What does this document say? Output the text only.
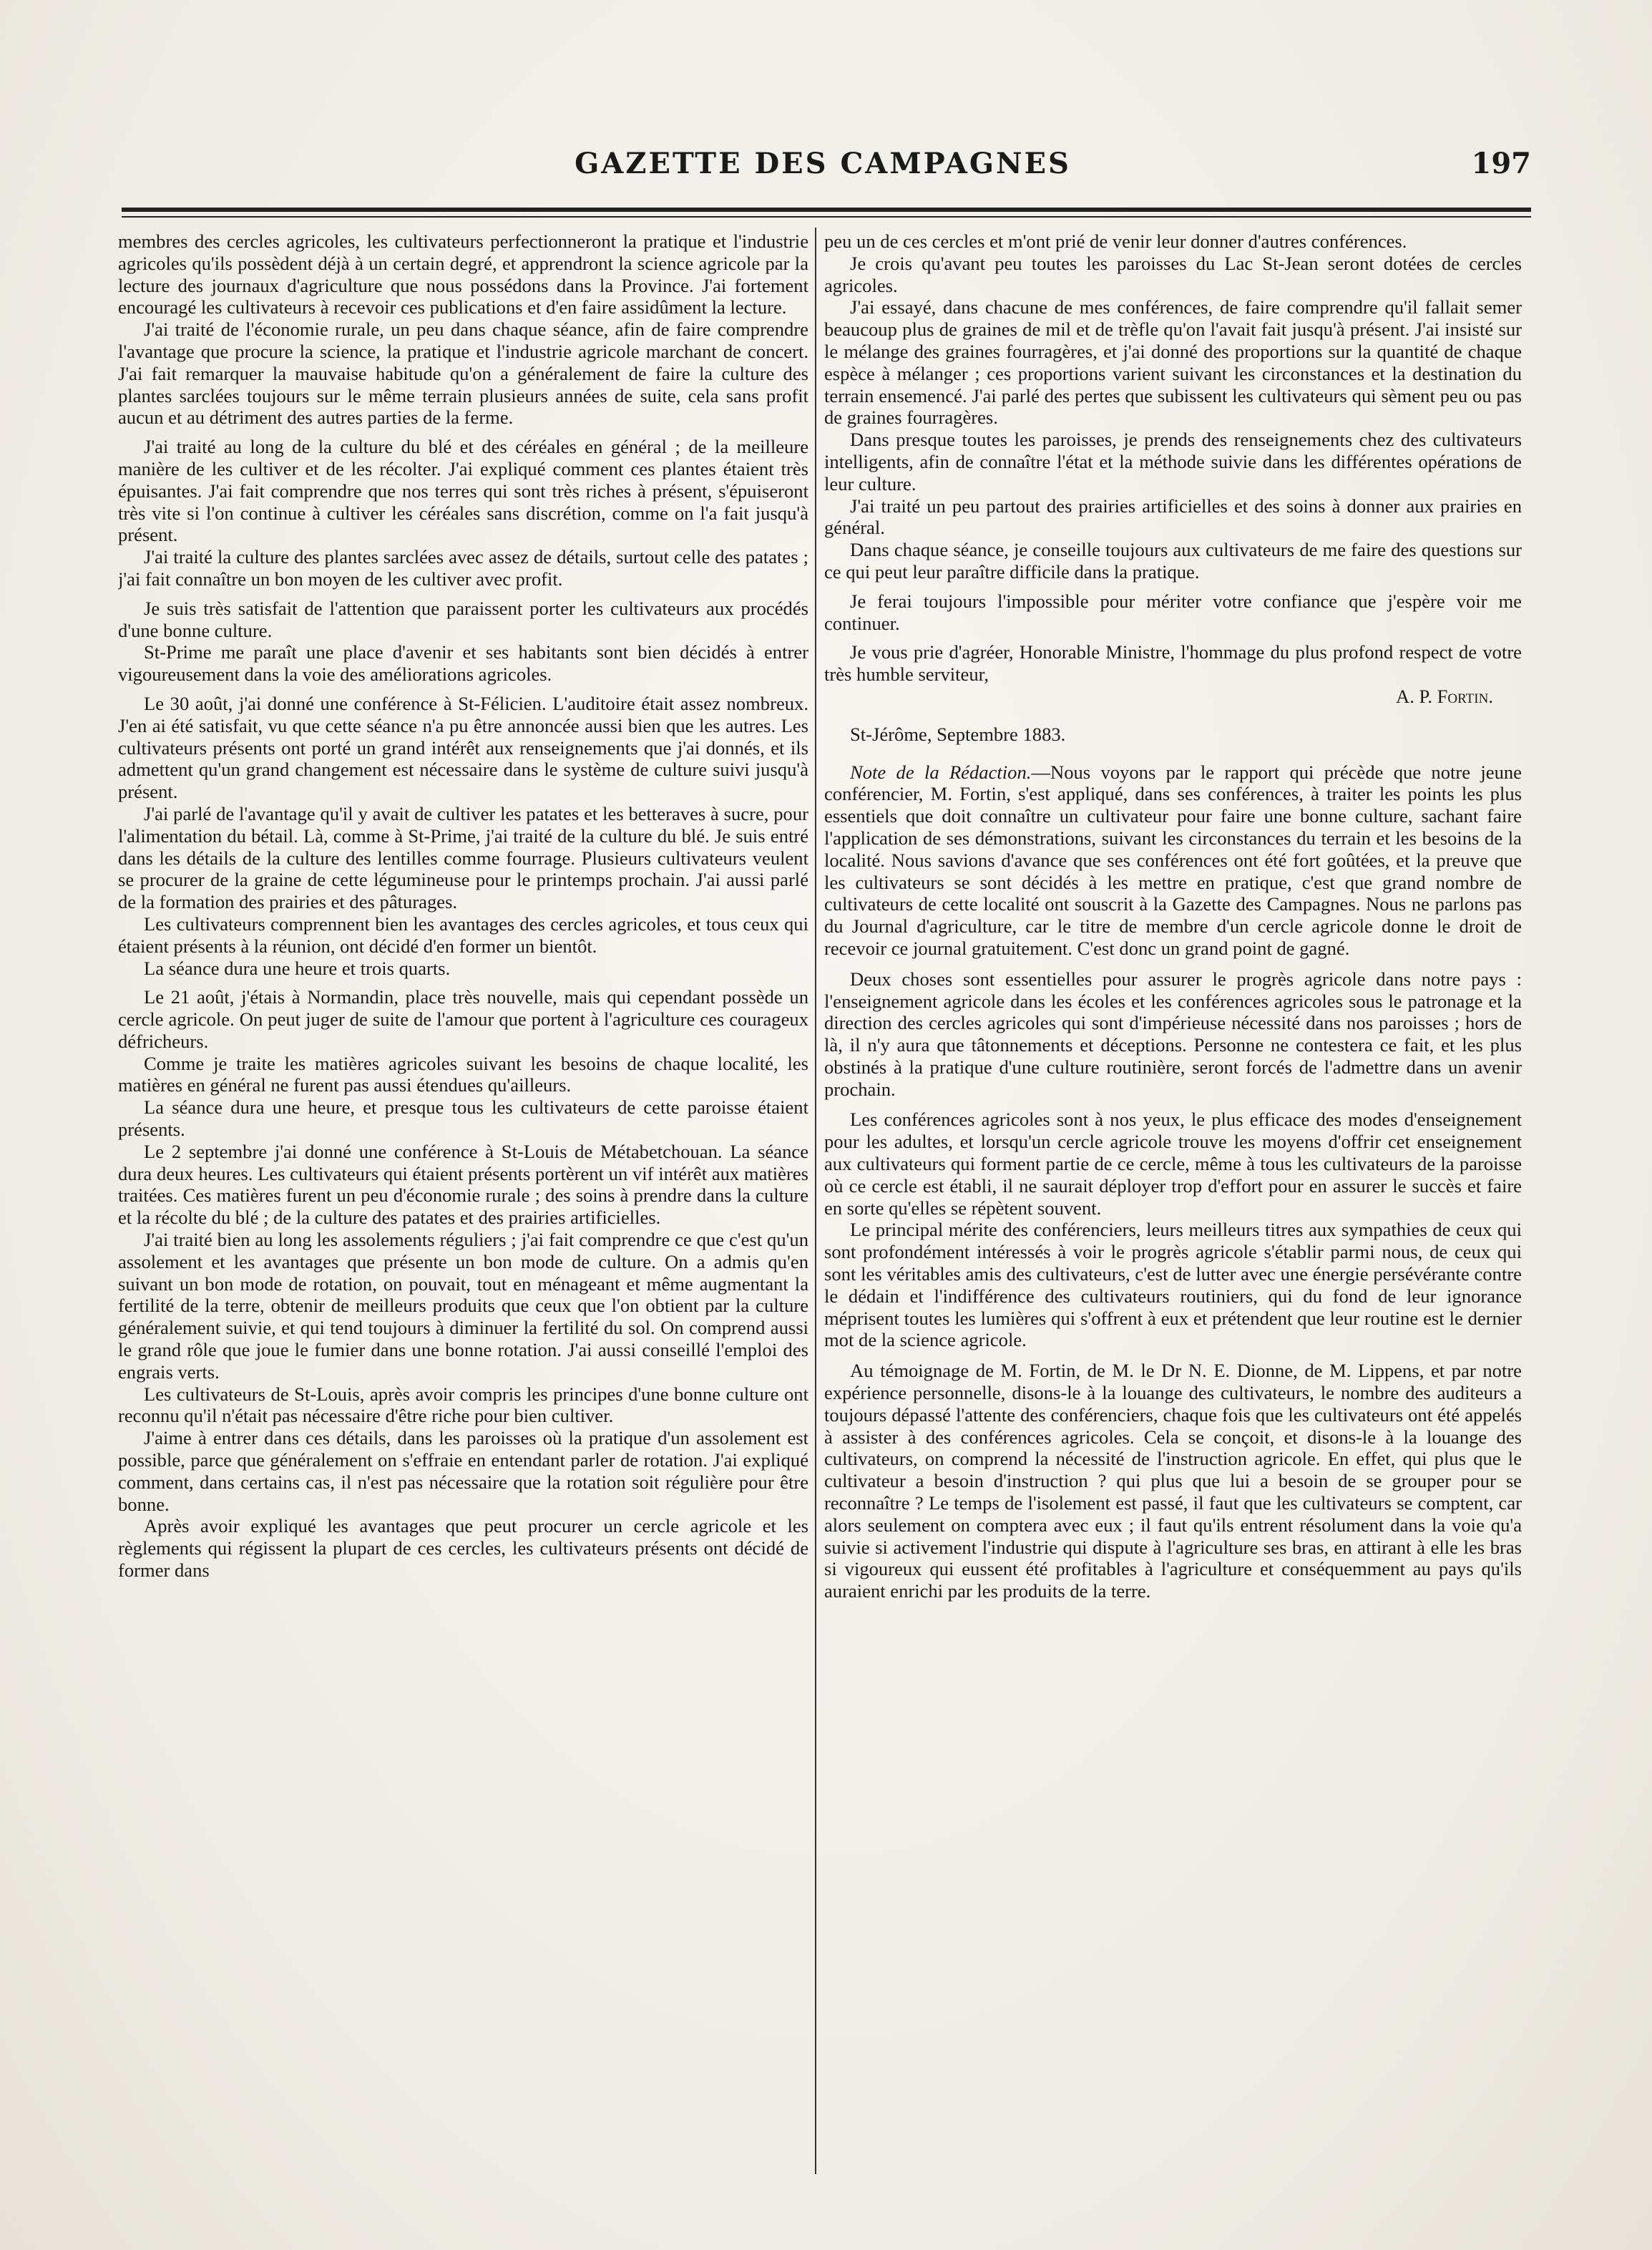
GAZETTE DES CAMPAGNES	197

membres des cercles agricoles, les cultivateurs perfectionneront la pratique et l'industrie agricoles qu'ils possèdent déjà à un certain degré, et apprendront la science agricole par la lecture des journaux d'agriculture que nous possédons dans la Province. J'ai fortement encouragé les cultivateurs à recevoir ces publications et d'en faire assidûment la lecture.

J'ai traité de l'économie rurale, un peu dans chaque séance, afin de faire comprendre l'avantage que procure la science, la pratique et l'industrie agricole marchant de concert. J'ai fait remarquer la mauvaise habitude qu'on a généralement de faire la culture des plantes sarclées toujours sur le même terrain plusieurs années de suite, cela sans profit aucun et au détriment des autres parties de la ferme.

J'ai traité au long de la culture du blé et des céréales en général ; de la meilleure manière de les cultiver et de les récolter. J'ai expliqué comment ces plantes étaient très épuisantes. J'ai fait comprendre que nos terres qui sont très riches à présent, s'épuiseront très vite si l'on continue à cultiver les céréales sans discrétion, comme on l'a fait jusqu'à présent.

J'ai traité la culture des plantes sarclées avec assez de détails, surtout celle des patates ; j'ai fait connaître un bon moyen de les cultiver avec profit.

Je suis très satisfait de l'attention que paraissent porter les cultivateurs aux procédés d'une bonne culture.

St-Prime me paraît une place d'avenir et ses habitants sont bien décidés à entrer vigoureusement dans la voie des améliorations agricoles.

Le 30 août, j'ai donné une conférence à St-Félicien. L'auditoire était assez nombreux. J'en ai été satisfait, vu que cette séance n'a pu être annoncée aussi bien que les autres. Les cultivateurs présents ont porté un grand intérêt aux renseignements que j'ai donnés, et ils admettent qu'un grand changement est nécessaire dans le système de culture suivi jusqu'à présent.

J'ai parlé de l'avantage qu'il y avait de cultiver les patates et les betteraves à sucre, pour l'alimentation du bétail. Là, comme à St-Prime, j'ai traité de la culture du blé. Je suis entré dans les détails de la culture des lentilles comme fourrage. Plusieurs cultivateurs veulent se procurer de la graine de cette légumineuse pour le printemps prochain. J'ai aussi parlé de la formation des prairies et des pâturages.

Les cultivateurs comprennent bien les avantages des cercles agricoles, et tous ceux qui étaient présents à la réunion, ont décidé d'en former un bientôt.

La séance dura une heure et trois quarts.

Le 21 août, j'étais à Normandin, place très nouvelle, mais qui cependant possède un cercle agricole. On peut juger de suite de l'amour que portent à l'agriculture ces courageux défricheurs.

Comme je traite les matières agricoles suivant les besoins de chaque localité, les matières en général ne furent pas aussi étendues qu'ailleurs.

La séance dura une heure, et presque tous les cultivateurs de cette paroisse étaient présents.

Le 2 septembre j'ai donné une conférence à St-Louis de Métabetchouan. La séance dura deux heures. Les cultivateurs qui étaient présents portèrent un vif intérêt aux matières traitées. Ces matières furent un peu d'économie rurale ; des soins à prendre dans la culture et la récolte du blé ; de la culture des patates et des prairies artificielles.

J'ai traité bien au long les assolements réguliers ; j'ai fait comprendre ce que c'est qu'un assolement et les avantages que présente un bon mode de culture. On a admis qu'en suivant un bon mode de rotation, on pouvait, tout en ménageant et même augmentant la fertilité de la terre, obtenir de meilleurs produits que ceux que l'on obtient par la culture généralement suivie, et qui tend toujours à diminuer la fertilité du sol. On comprend aussi le grand rôle que joue le fumier dans une bonne rotation. J'ai aussi conseillé l'emploi des engrais verts.

Les cultivateurs de St-Louis, après avoir compris les principes d'une bonne culture ont reconnu qu'il n'était pas nécessaire d'être riche pour bien cultiver.

J'aime à entrer dans ces détails, dans les paroisses où la pratique d'un assolement est possible, parce que généralement on s'effraie en entendant parler de rotation. J'ai expliqué comment, dans certains cas, il n'est pas nécessaire que la rotation soit régulière pour être bonne.

Après avoir expliqué les avantages que peut procurer un cercle agricole et les règlements qui régissent la plupart de ces cercles, les cultivateurs présents ont décidé de former dans

peu un de ces cercles et m'ont prié de venir leur donner d'autres conférences.

Je crois qu'avant peu toutes les paroisses du Lac St-Jean seront dotées de cercles agricoles.

J'ai essayé, dans chacune de mes conférences, de faire comprendre qu'il fallait semer beaucoup plus de graines de mil et de trèfle qu'on l'avait fait jusqu'à présent. J'ai insisté sur le mélange des graines fourragères, et j'ai donné des proportions sur la quantité de chaque espèce à mélanger ; ces proportions varient suivant les circonstances et la destination du terrain ensemencé. J'ai parlé des pertes que subissent les cultivateurs qui sèment peu ou pas de graines fourragères.

Dans presque toutes les paroisses, je prends des renseignements chez des cultivateurs intelligents, afin de connaître l'état et la méthode suivie dans les différentes opérations de leur culture.

J'ai traité un peu partout des prairies artificielles et des soins à donner aux prairies en général.

Dans chaque séance, je conseille toujours aux cultivateurs de me faire des questions sur ce qui peut leur paraître difficile dans la pratique.

Je ferai toujours l'impossible pour mériter votre confiance que j'espère voir me continuer.

Je vous prie d'agréer, Honorable Ministre, l'hommage du plus profond respect de votre très humble serviteur,

A. P. Fortin.

St-Jérôme, Septembre 1883.

Note de la Rédaction.—Nous voyons par le rapport qui précède que notre jeune conférencier, M. Fortin, s'est appliqué, dans ses conférences, à traiter les points les plus essentiels que doit connaître un cultivateur pour faire une bonne culture, sachant faire l'application de ses démonstrations, suivant les circonstances du terrain et les besoins de la localité. Nous savions d'avance que ses conférences ont été fort goûtées, et la preuve que les cultivateurs se sont décidés à les mettre en pratique, c'est que grand nombre de cultivateurs de cette localité ont souscrit à la Gazette des Campagnes. Nous ne parlons pas du Journal d'agriculture, car le titre de membre d'un cercle agricole donne le droit de recevoir ce journal gratuitement. C'est donc un grand point de gagné.

Deux choses sont essentielles pour assurer le progrès agricole dans notre pays : l'enseignement agricole dans les écoles et les conférences agricoles sous le patronage et la direction des cercles agricoles qui sont d'impérieuse nécessité dans nos paroisses ; hors de là, il n'y aura que tâtonnements et déceptions. Personne ne contestera ce fait, et les plus obstinés à la pratique d'une culture routinière, seront forcés de l'admettre dans un avenir prochain.

Les conférences agricoles sont à nos yeux, le plus efficace des modes d'enseignement pour les adultes, et lorsqu'un cercle agricole trouve les moyens d'offrir cet enseignement aux cultivateurs qui forment partie de ce cercle, même à tous les cultivateurs de la paroisse où ce cercle est établi, il ne saurait déployer trop d'effort pour en assurer le succès et faire en sorte qu'elles se répètent souvent.

Le principal mérite des conférenciers, leurs meilleurs titres aux sympathies de ceux qui sont profondément intéressés à voir le progrès agricole s'établir parmi nous, de ceux qui sont les véritables amis des cultivateurs, c'est de lutter avec une énergie persévérante contre le dédain et l'indifférence des cultivateurs routiniers, qui du fond de leur ignorance méprisent toutes les lumières qui s'offrent à eux et prétendent que leur routine est le dernier mot de la science agricole.

Au témoignage de M. Fortin, de M. le Dr N. E. Dionne, de M. Lippens, et par notre expérience personnelle, disons-le à la louange des cultivateurs, le nombre des auditeurs a toujours dépassé l'attente des conférenciers, chaque fois que les cultivateurs ont été appelés à assister à des conférences agricoles. Cela se conçoit, et disons-le à la louange des cultivateurs, on comprend la nécessité de l'instruction agricole. En effet, qui plus que le cultivateur a besoin d'instruction ? qui plus que lui a besoin de se grouper pour se reconnaître ? Le temps de l'isolement est passé, il faut que les cultivateurs se comptent, car alors seulement on comptera avec eux ; il faut qu'ils entrent résolument dans la voie qu'a suivie si activement l'industrie qui dispute à l'agriculture ses bras, en attirant à elle les bras si vigoureux qui eussent été profitables à l'agriculture et conséquemment au pays qu'ils auraient enrichi par les produits de la terre.
